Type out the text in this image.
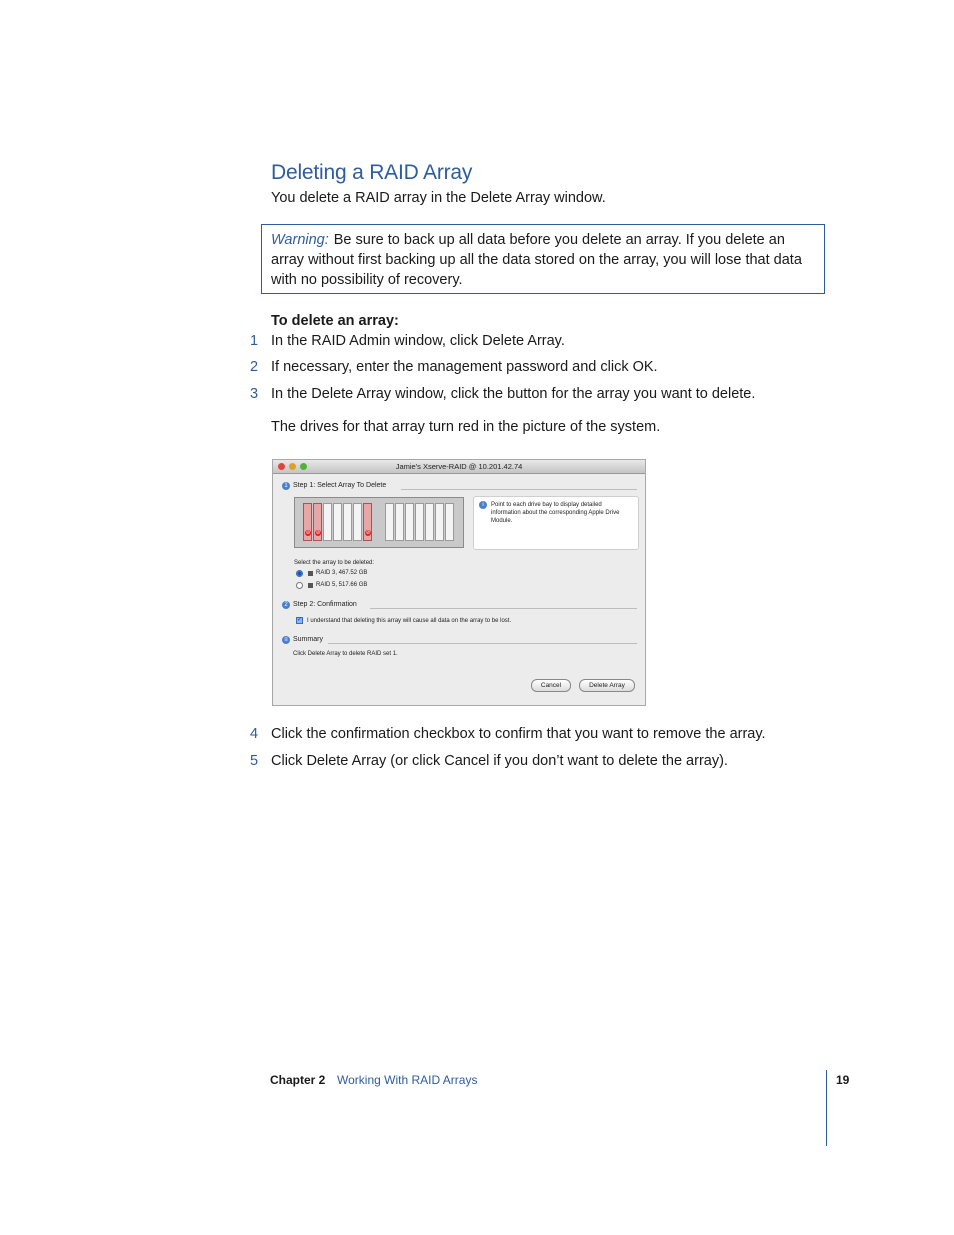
Deleting a RAID Array
You delete a RAID array in the Delete Array window.
Warning: Be sure to back up all data before you delete an array. If you delete an array without first backing up all the data stored on the array, you will lose that data with no possibility of recovery.
To delete an array:
1 In the RAID Admin window, click Delete Array.
2 If necessary, enter the management password and click OK.
3 In the Delete Array window, click the button for the array you want to delete.
The drives for that array turn red in the picture of the system.
Jamie's Xserve-RAID @ 10.201.42.74
1 Step 1: Select Array To Delete
⊘ ⊘	⊘
i	Point to each drive bay to display detailed information about the corresponding Apple Drive Module.
Select the array to be deleted:
RAID 3, 467.52 GB
RAID 5, 517.66 GB
2 Step 2: Confirmation
✓ I understand that deleting this array will cause all data on the array to be lost.
≡ Summary
Click Delete Array to delete RAID set 1.
Cancel	Delete Array
4 Click the confirmation checkbox to confirm that you want to remove the array.
5 Click Delete Array (or click Cancel if you don’t want to delete the array).
Chapter 2 Working With RAID Arrays	19
